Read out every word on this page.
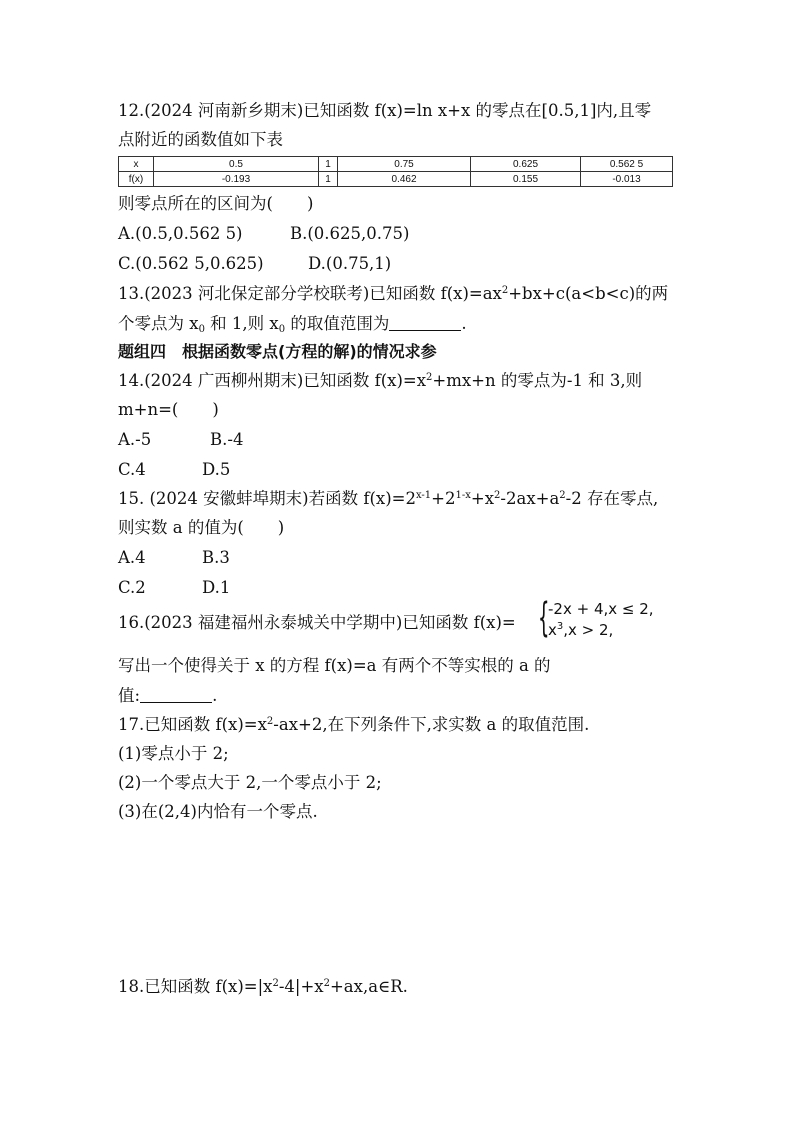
12.(2024 河南新乡期末)已知函数 f(x)=ln x+x 的零点在[0.5,1]内,且零
点附近的函数值如下表
x	0.5	1	0.75	0.625	0.562 5
f(x)	-0.193	1	0.462	0.155	-0.013
则零点所在的区间为( )
A.(0.5,0.562 5)	B.(0.625,0.75)
C.(0.562 5,0.625)	D.(0.75,1)
13.(2023 河北保定部分学校联考)已知函数 $f(x)=ax^2+bx+c(a<b<c)$的两
个零点为 $x_0$ 和 1,则 $x_0$ 的取值范围为	.
题组四　根据函数零点(方程的解)的情况求参
14.(2024 广西柳州期末)已知函数 $f(x)=x^2+mx+n$ 的零点为-1 和 3,则
m+n=( )
A.-5	B.-4
C.4	D.5
15. (2024 安徽蚌埠期末)若函数 $f(x)=2^{x-1}+2^{1-x}+x^2-2ax+a^2-2$ 存在零点,
则实数 a 的值为( )
A.4	B.3
C.2	D.1
16.(2023 福建福州永泰城关中学期中)已知函数 f(x)= {
-2x + 4,x ≤ 2,
$x^3,x > 2$,
写出一个使得关于 x 的方程 f(x)=a 有两个不等实根的 a 的
值:	.
17.已知函数 $f(x)=x^2-ax+2$,在下列条件下,求实数 a 的取值范围.
(1)零点小于 2;
(2)一个零点大于 2,一个零点小于 2;
(3)在(2,4)内恰有一个零点.
18.已知函数 $f(x)=|x^2-4|+x^2+ax,a\in R$.
